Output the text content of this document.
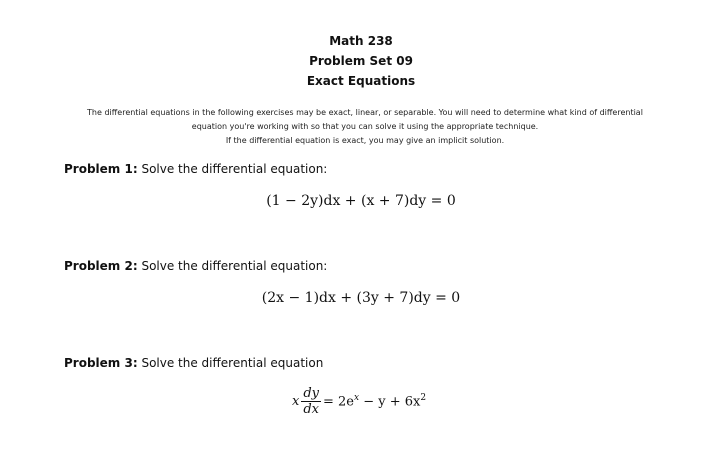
Math 238
Problem Set 09
Exact Equations
The differential equations in the following exercises may be exact, linear, or separable. You will need to determine what kind of differential
equation you're working with so that you can solve it using the appropriate technique.
If the differential equation is exact, you may give an implicit solution.
Problem 1: Solve the differential equation:
(1 − 2y)dx + (x + 7)dy = 0
Problem 2: Solve the differential equation:
(2x − 1)dx + (3y + 7)dy = 0
Problem 3: Solve the differential equation
x $\frac{dy}{dx} = 2e^x - y + 6x^2$
